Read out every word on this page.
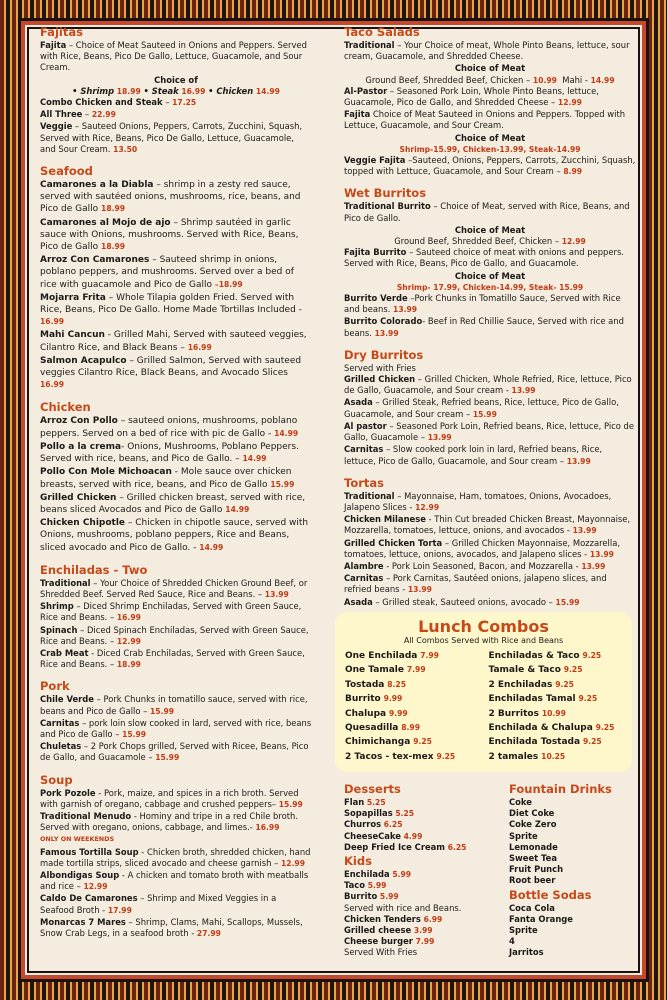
Fajitas
Fajita – Choice of Meat Sauteed in Onions and Peppers. Served with Rice, Beans, Pico De Gallo, Lettuce, Guacamole, and Sour Cream.
Choice of
• Shrimp 18.99 • Steak 16.99 • Chicken 14.99
Combo Chicken and Steak – 17.25
All Three – 22.99
Veggie – Sauteed Onions, Peppers, Carrots, Zucchini, Squash, Served with Rice, Beans, Pico De Gallo, Lettuce, Guacamole, and Sour Cream. 13.50
Seafood
Camarones a la Diabla – shrimp in a zesty red sauce, served with sautéed onions, mushrooms, rice, beans, and Pico de Gallo 18.99
Camarones al Mojo de ajo – Shrimp sautéed in garlic sauce with Onions, mushrooms. Served with Rice, Beans, Pico de Gallo 18.99
Arroz Con Camarones – Sauteed shrimp in onions, poblano peppers, and mushrooms. Served over a bed of rice with guacamole and Pico de Gallo –18.99
Mojarra Frita – Whole Tilapia golden Fried. Served with Rice, Beans, Pico De Gallo. Home Made Tortillas Included - 16.99
Mahi Cancun - Grilled Mahi, Served with sauteed veggies, Cilantro Rice, and Black Beans – 16.99
Salmon Acapulco – Grilled Salmon, Served with sauteed veggies Cilantro Rice, Black Beans, and Avocado Slices 16.99
Chicken
Arroz Con Pollo – sauteed onions, mushrooms, poblano peppers. Served on a bed of rice with pic de Gallo - 14.99
Pollo a la crema- Onions, Mushrooms, Poblano Peppers. Served with rice, beans, and Pico de Gallo. – 14.99
Pollo Con Mole Michoacan - Mole sauce over chicken breasts, served with rice, beans, and Pico de Gallo 15.99
Grilled Chicken – Grilled chicken breast, served with rice, beans sliced Avocados and Pico de Gallo 14.99
Chicken Chipotle – Chicken in chipotle sauce, served with Onions, mushrooms, poblano peppers, Rice and Beans, sliced avocado and Pico de Gallo. - 14.99
Enchiladas - Two
Traditional – Your Choice of Shredded Chicken Ground Beef, or Shredded Beef. Served Red Sauce, Rice and Beans. – 13.99
Shrimp – Diced Shrimp Enchiladas, Served with Green Sauce, Rice and Beans. – 16.99
Spinach – Diced Spinach Enchiladas, Served with Green Sauce, Rice and Beans. – 12.99
Crab Meat - Diced Crab Enchiladas, Served with Green Sauce, Rice and Beans. – 18.99
Pork
Chile Verde – Pork Chunks in tomatillo sauce, served with rice, beans and Pico de Gallo – 15.99
Carnitas – pork loin slow cooked in lard, served with rice, beans and Pico de Gallo – 15.99
Chuletas – 2 Pork Chops grilled, Served with Ricee, Beans, Pico de Gallo, and Guacamole – 15.99
Soup
Pork Pozole - Pork, maize, and spices in a rich broth. Served with garnish of oregano, cabbage and crushed peppers– 15.99
Traditional Menudo - Hominy and tripe in a red Chile broth. Served with oregano, onions, cabbage, and limes.- 16.99
ONLY ON WEEKENDS
Famous Tortilla Soup - Chicken broth, shredded chicken, hand made tortilla strips, sliced avocado and cheese garnish – 12.99
Albondigas Soup - A chicken and tomato broth with meatballs and rice – 12.99
Caldo De Camarones – Shrimp and Mixed Veggies in a Seafood Broth - 17.99
Monarcas 7 Mares – Shrimp, Clams, Mahi, Scallops, Mussels, Snow Crab Legs, in a seafood broth - 27.99
Taco Salads
Traditional – Your Choice of meat, Whole Pinto Beans, lettuce, sour cream, Guacamole, and Shredded Cheese.
Choice of Meat
Ground Beef, Shredded Beef, Chicken – 10.99 Mahi - 14.99
Al-Pastor – Seasoned Pork Loin, Whole Pinto Beans, lettuce, Guacamole, Pico de Gallo, and Shredded Cheese – 12.99
Fajita Choice of Meat Sauteed in Onions and Peppers. Topped with Lettuce, Guacamole, and Sour Cream.
Choice of Meat
Shrimp-15.99, Chicken-13.99, Steak-14.99
Veggie Fajita –Sauteed, Onions, Peppers, Carrots, Zucchini, Squash, topped with Lettuce, Guacamole, and Sour Cream – 8.99
Wet Burritos
Traditional Burrito – Choice of Meat, served with Rice, Beans, and Pico de Gallo.
Choice of Meat
Ground Beef, Shredded Beef, Chicken – 12.99
Fajita Burrito – Sauteed choice of meat with onions and peppers. Served with Rice, Beans, Pico de Gallo, and Guacamole.
Choice of Meat
Shrimp- 17.99, Chicken-14.99, Steak- 15.99
Burrito Verde –Pork Chunks in Tomatillo Sauce, Served with Rice and beans. 13.99
Burrito Colorado- Beef in Red Chillie Sauce, Served with rice and beans. 13.99
Dry Burritos
Served with Fries
Grilled Chicken – Grilled Chicken, Whole Refried, Rice, lettuce, Pico de Gallo, Guacamole, and Sour cream - 13.99
Asada – Grilled Steak, Refried beans, Rice, lettuce, Pico de Gallo, Guacamole, and Sour cream – 15.99
Al pastor – Seasoned Pork Loin, Refried beans, Rice, lettuce, Pico de Gallo, Guacamole – 13.99
Carnitas – Slow cooked pork loin in lard, Refried beans, Rice, lettuce, Pico de Gallo, Guacamole, and Sour cream – 13.99
Tortas
Traditional – Mayonnaise, Ham, tomatoes, Onions, Avocadoes, Jalapeno Slices - 12.99
Chicken Milanese - Thin Cut breaded Chicken Breast, Mayonnaise, Mozzarella, tomatoes, lettuce, onions, and avocados - 13.99
Grilled Chicken Torta – Grilled Chicken Mayonnaise, Mozzarella, tomatoes, lettuce, onions, avocados, and Jalapeno slices - 13.99
Alambre - Pork Loin Seasoned, Bacon, and Mozzarella - 13.99
Carnitas – Pork Carnitas, Sautéed onions, jalapeno slices, and refried beans - 13.99
Asada – Grilled steak, Sauteed onions, avocado – 15.99
Lunch Combos
All Combos Served with Rice and Beans
One Enchilada 7.99	Enchiladas & Taco 9.25
One Tamale 7.99	Tamale & Taco 9.25
Tostada 8.25	2 Enchiladas 9.25
Burrito 9.99	Enchiladas Tamal 9.25
Chalupa 9.99	2 Burritos 10.99
Quesadilla 8.99	Enchilada & Chalupa 9.25
Chimichanga 9.25	Enchilada Tostada 9.25
2 Tacos - tex-mex 9.25	2 tamales 10.25
Desserts
Flan 5.25
Sopapillas 5.25
Churros 6.25
CheeseCake 4.99
Deep Fried Ice Cream 6.25
Kids
Enchilada 5.99
Taco 5.99
Burrito 5.99
Served with rice and Beans.
Chicken Tenders 6.99
Grilled cheese 3.99
Cheese burger 7.99
Served With Fries
Fountain Drinks
Coke
Diet Coke
Coke Zero
Sprite
Lemonade
Sweet Tea
Fruit Punch
Root beer
Bottle Sodas
Coca Cola
Fanta Orange
Sprite
4
Jarritos
